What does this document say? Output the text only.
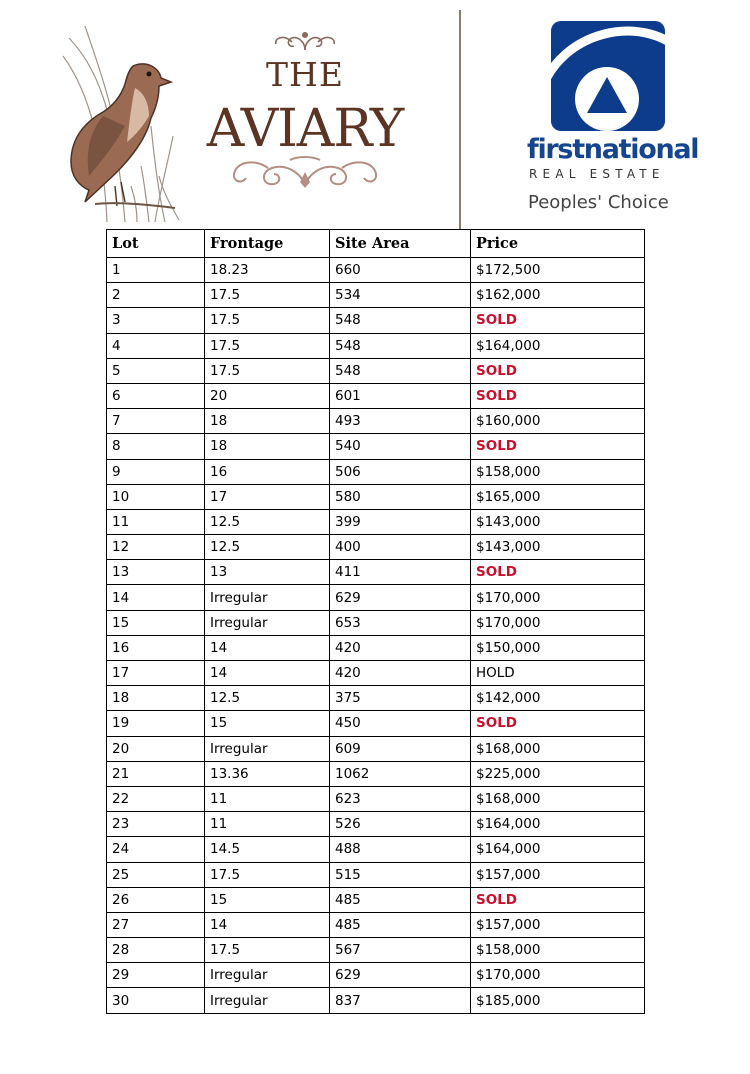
THE
AVIARY	firstnational
REAL ESTATE
Peoples' Choice
Lot	Frontage	Site Area	Price
1	18.23	660	$172,500
2	17.5	534	$162,000
3	17.5	548	SOLD
4	17.5	548	$164,000
5	17.5	548	SOLD
6	20	601	SOLD
7	18	493	$160,000
8	18	540	SOLD
9	16	506	$158,000
10	17	580	$165,000
11	12.5	399	$143,000
12	12.5	400	$143,000
13	13	411	SOLD
14	Irregular	629	$170,000
15	Irregular	653	$170,000
16	14	420	$150,000
17	14	420	HOLD
18	12.5	375	$142,000
19	15	450	SOLD
20	Irregular	609	$168,000
21	13.36	1062	$225,000
22	11	623	$168,000
23	11	526	$164,000
24	14.5	488	$164,000
25	17.5	515	$157,000
26	15	485	SOLD
27	14	485	$157,000
28	17.5	567	$158,000
29	Irregular	629	$170,000
30	Irregular	837	$185,000
